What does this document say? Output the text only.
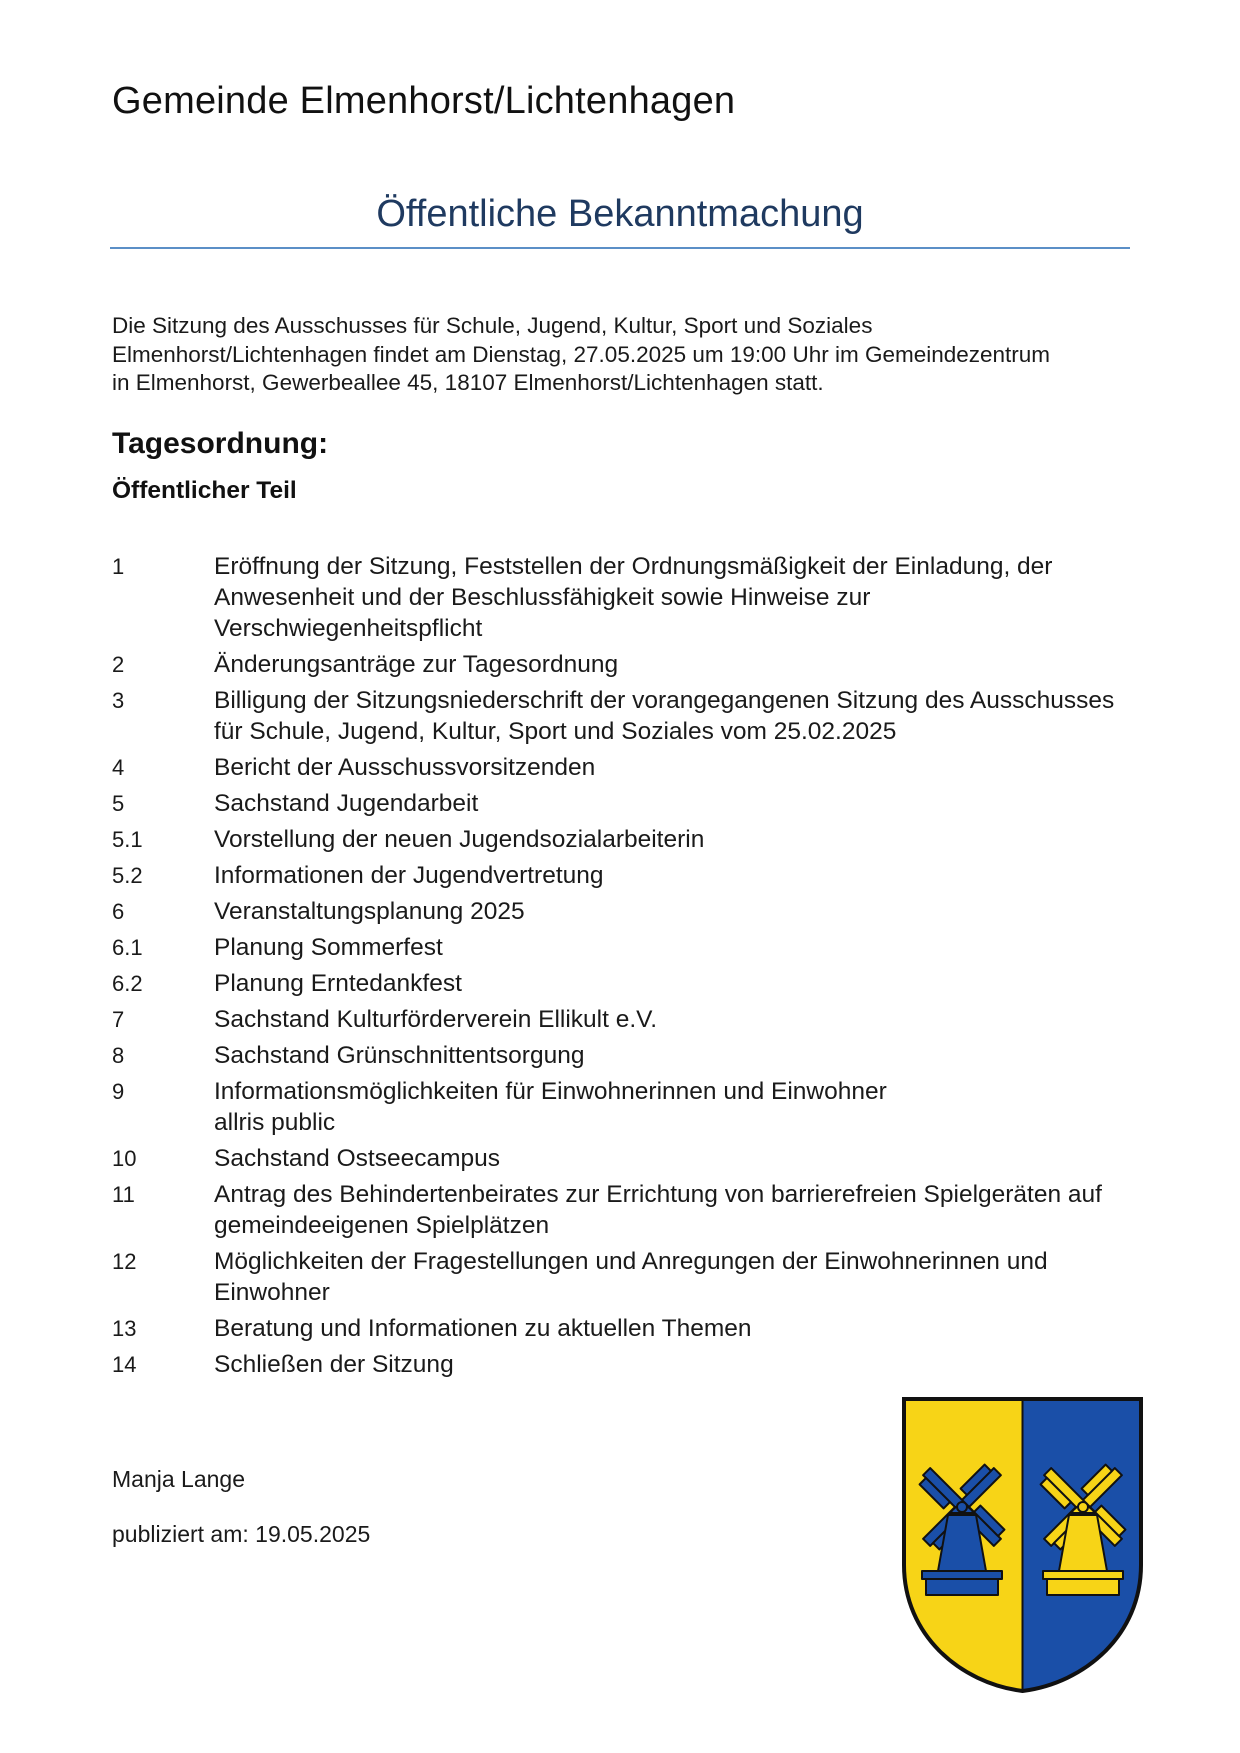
Gemeinde Elmenhorst/Lichtenhagen
Öffentliche Bekanntmachung

Die Sitzung des Ausschusses für Schule, Jugend, Kultur, Sport und Soziales
Elmenhorst/Lichtenhagen findet am Dienstag, 27.05.2025 um 19:00 Uhr im Gemeindezentrum
in Elmenhorst, Gewerbeallee 45, 18107 Elmenhorst/Lichtenhagen statt.

Tagesordnung:
Öffentlicher Teil
1	Eröffnung der Sitzung, Feststellen der Ordnungsmäßigkeit der Einladung, der Anwesenheit und der Beschlussfähigkeit sowie Hinweise zur Verschwiegenheitspflicht
2	Änderungsanträge zur Tagesordnung
3	Billigung der Sitzungsniederschrift der vorangegangenen Sitzung des Ausschusses für Schule, Jugend, Kultur, Sport und Soziales vom 25.02.2025
4	Bericht der Ausschussvorsitzenden
5	Sachstand Jugendarbeit
5.1	Vorstellung der neuen Jugendsozialarbeiterin
5.2	Informationen der Jugendvertretung
6	Veranstaltungsplanung 2025
6.1	Planung Sommerfest
6.2	Planung Erntedankfest
7	Sachstand Kulturförderverein Ellikult e.V.
8	Sachstand Grünschnittentsorgung
9	Informationsmöglichkeiten für Einwohnerinnen und Einwohner
allris public
10	Sachstand Ostseecampus
11	Antrag des Behindertenbeirates zur Errichtung von barrierefreien Spielgeräten auf gemeindeeigenen Spielplätzen
12	Möglichkeiten der Fragestellungen und Anregungen der Einwohnerinnen und Einwohner
13	Beratung und Informationen zu aktuellen Themen
14	Schließen der Sitzung

Manja Lange

publiziert am: 19.05.2025
